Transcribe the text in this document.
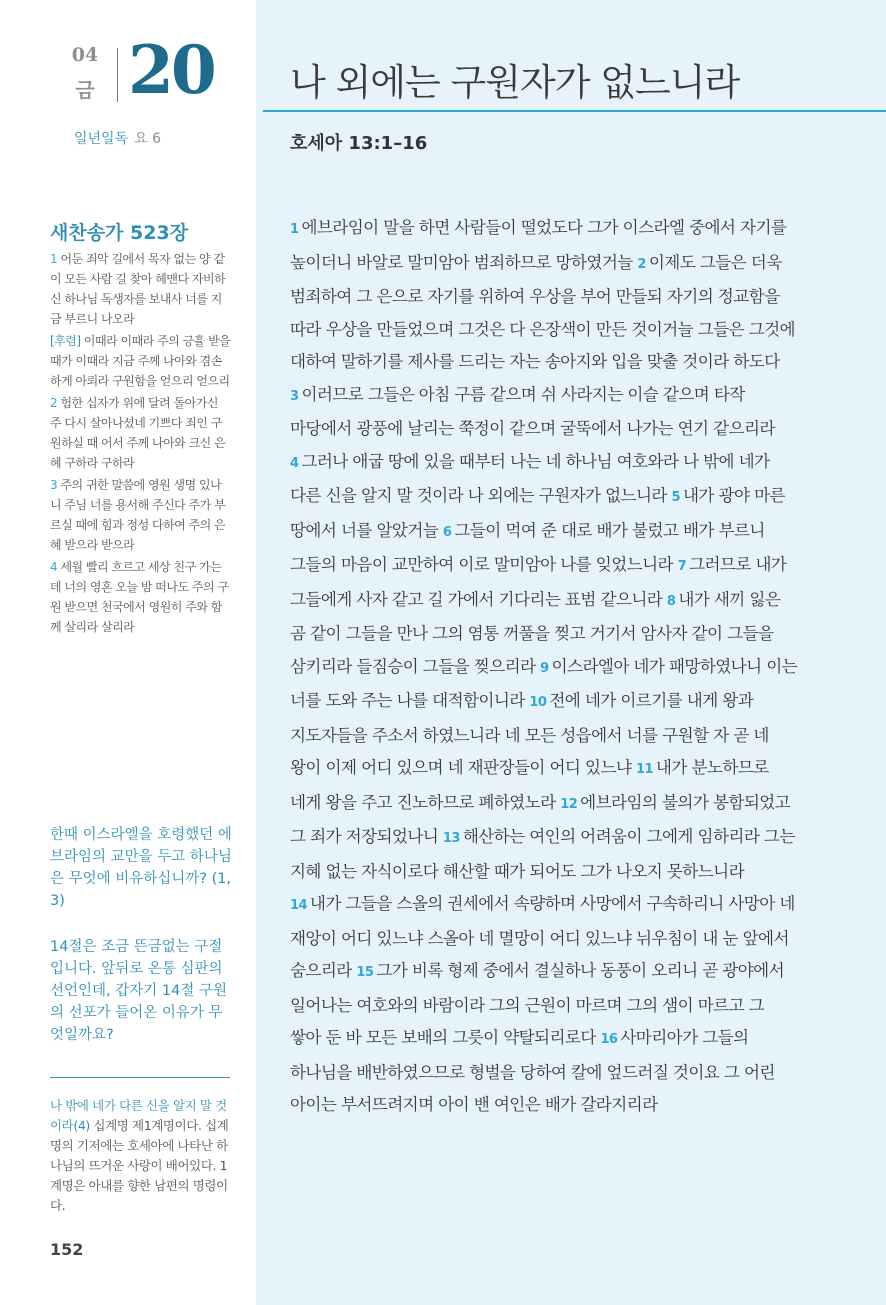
04
금 20
일년일독 요 6
새찬송가 523장

1 어둔 죄악 길에서 목자 없는 양 같이 모든 사람 길 찾아 헤맨다 자비하신 하나님 독생자를 보내사 너를 지금 부르니 나오라

[후렴] 이때라 이때라 주의 긍휼 받을 때가 이때라 지금 주께 나아와 겸손하게 아뢰라 구원함을 얻으리 얻으리

2 험한 십자가 위에 달려 돌아가신 주 다시 살아나셨네 기쁘다 죄인 구원하실 때 어서 주께 나아와 크신 은혜 구하라 구하라

3 주의 귀한 말씀에 영원 생명 있나니 주님 너를 용서해 주신다 주가 부르실 때에 힘과 정성 다하여 주의 은혜 받으라 받으라

4 세월 빨리 흐르고 세상 친구 가는데 너의 영혼 오늘 밤 떠나도 주의 구원 받으면 천국에서 영원히 주와 함께 살리라 살리라

한때 이스라엘을 호령했던 에브라임의 교만을 두고 하나님은 무엇에 비유하십니까? (1, 3)
14절은 조금 뜬금없는 구절입니다. 앞뒤로 온통 심판의 선언인데, 갑자기 14절 구원의 선포가 들어온 이유가 무엇일까요?
나 밖에 네가 다른 신을 알지 말 것이라(4) 십계명 제1계명이다. 십계명의 기저에는 호세아에 나타난 하나님의 뜨거운 사랑이 배어있다. 1계명은 아내를 향한 남편의 명령이다.
152
나 외에는 구원자가 없느니라
호세아 13:1–16
1 에브라임이 말을 하면 사람들이 떨었도다 그가 이스라엘 중에서 자기를 높이더니 바알로 말미암아 범죄하므로 망하였거늘 2 이제도 그들은 더욱 범죄하여 그 은으로 자기를 위하여 우상을 부어 만들되 자기의 정교함을 따라 우상을 만들었으며 그것은 다 은장색이 만든 것이거늘 그들은 그것에 대하여 말하기를 제사를 드리는 자는 송아지와 입을 맞출 것이라 하도다 3 이러므로 그들은 아침 구름 같으며 쉬 사라지는 이슬 같으며 타작 마당에서 광풍에 날리는 쭉정이 같으며 굴뚝에서 나가는 연기 같으리라 4 그러나 애굽 땅에 있을 때부터 나는 네 하나님 여호와라 나 밖에 네가 다른 신을 알지 말 것이라 나 외에는 구원자가 없느니라 5 내가 광야 마른 땅에서 너를 알았거늘 6 그들이 먹여 준 대로 배가 불렀고 배가 부르니 그들의 마음이 교만하여 이로 말미암아 나를 잊었느니라 7 그러므로 내가 그들에게 사자 같고 길 가에서 기다리는 표범 같으니라 8 내가 새끼 잃은 곰 같이 그들을 만나 그의 염통 꺼풀을 찢고 거기서 암사자 같이 그들을 삼키리라 들짐승이 그들을 찢으리라 9 이스라엘아 네가 패망하였나니 이는 너를 도와 주는 나를 대적함이니라 10 전에 네가 이르기를 내게 왕과 지도자들을 주소서 하였느니라 네 모든 성읍에서 너를 구원할 자 곧 네 왕이 이제 어디 있으며 네 재판장들이 어디 있느냐 11 내가 분노하므로 네게 왕을 주고 진노하므로 폐하였노라 12 에브라임의 불의가 봉함되었고 그 죄가 저장되었나니 13 해산하는 여인의 어려움이 그에게 임하리라 그는 지혜 없는 자식이로다 해산할 때가 되어도 그가 나오지 못하느니라 14 내가 그들을 스올의 권세에서 속량하며 사망에서 구속하리니 사망아 네 재앙이 어디 있느냐 스올아 네 멸망이 어디 있느냐 뉘우침이 내 눈 앞에서 숨으리라 15 그가 비록 형제 중에서 결실하나 동풍이 오리니 곧 광야에서 일어나는 여호와의 바람이라 그의 근원이 마르며 그의 샘이 마르고 그 쌓아 둔 바 모든 보배의 그릇이 약탈되리로다 16 사마리아가 그들의 하나님을 배반하였으므로 형벌을 당하여 칼에 엎드러질 것이요 그 어린 아이는 부서뜨려지며 아이 밴 여인은 배가 갈라지리라
